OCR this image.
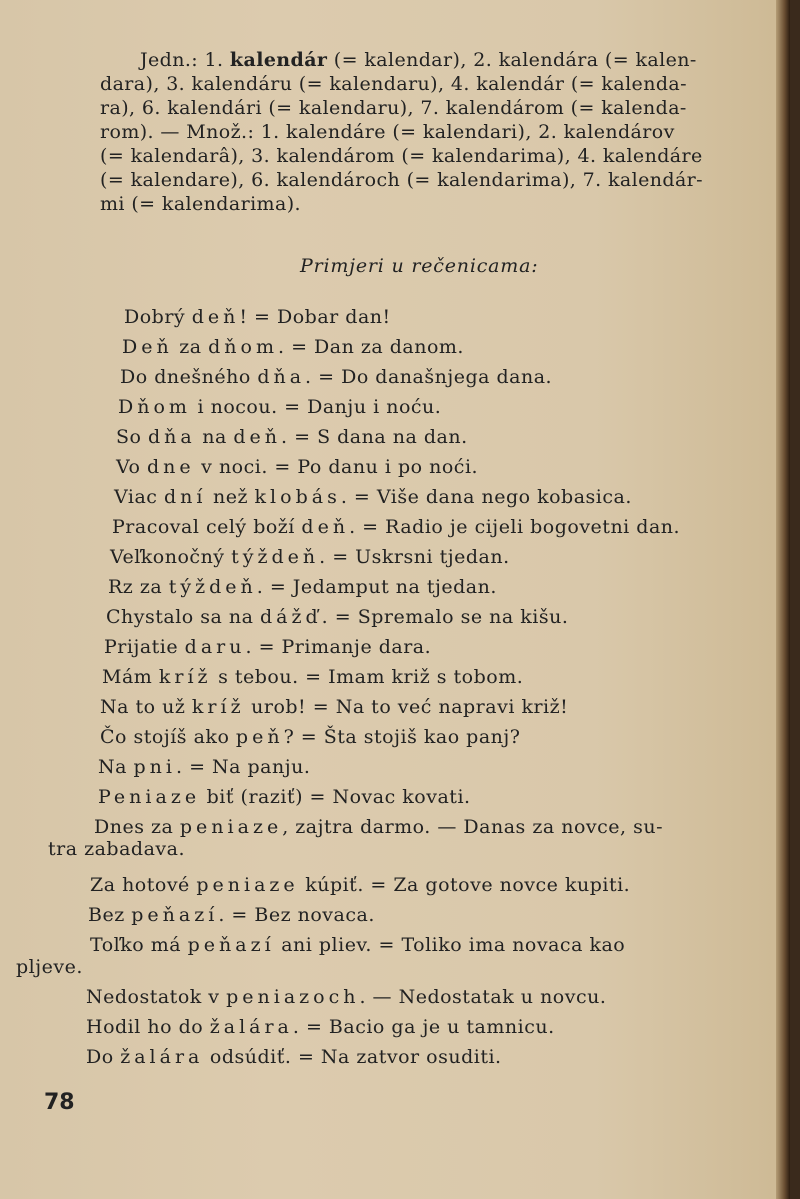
Jedn.: 1. kalendár (= kalendar), 2. kalendára (= kalen-
dara), 3. kalendáru (= kalendaru), 4. kalendár (= kalenda-
ra), 6. kalendári (= kalendaru), 7. kalendárom (= kalenda-
rom). — Množ.: 1. kalendáre (= kalendari), 2. kalendárov
(= kalendarâ), 3. kalendárom (= kalendarima), 4. kalendáre
(= kalendare), 6. kalendároch (= kalendarima), 7. kalendár-
mi (= kalendarima).
Primjeri u rečenicama:
Dobrý deň! = Dobar dan!
Deň za dňom. = Dan za danom.
Do dnešného dňa. = Do današnjega dana.
Dňom i nocou. = Danju i noću.
So dňa na deň. = S dana na dan.
Vo dne v noci. = Po danu i po noći.
Viac dní než klobás. = Više dana nego kobasica.
Pracoval celý boží deň. = Radio je cijeli bogovetni dan.
Veľkonočný týždeň. = Uskrsni tjedan.
Rz za týždeň. = Jedamput na tjedan.
Chystalo sa na dážď. = Spremalo se na kišu.
Prijatie daru. = Primanje dara.
Mám kríž s tebou. = Imam križ s tobom.
Na to už kríž urob! = Na to već napravi križ!
Čo stojíš ako peň? = Šta stojiš kao panj?
Na pni. = Na panju.
Peniaze biť (raziť) = Novac kovati.
Dnes za peniaze, zajtra darmo. — Danas za novce, su-
tra zabadava.
Za hotové peniaze kúpiť. = Za gotove novce kupiti.
Bez peňazí. = Bez novaca.
Toľko má peňazí ani pliev. = Toliko ima novaca kao
pljeve.
Nedostatok v peniazoch. — Nedostatak u novcu.
Hodil ho do žalára. = Bacio ga je u tamnicu.
Do žalára odsúdiť. = Na zatvor osuditi.
78
